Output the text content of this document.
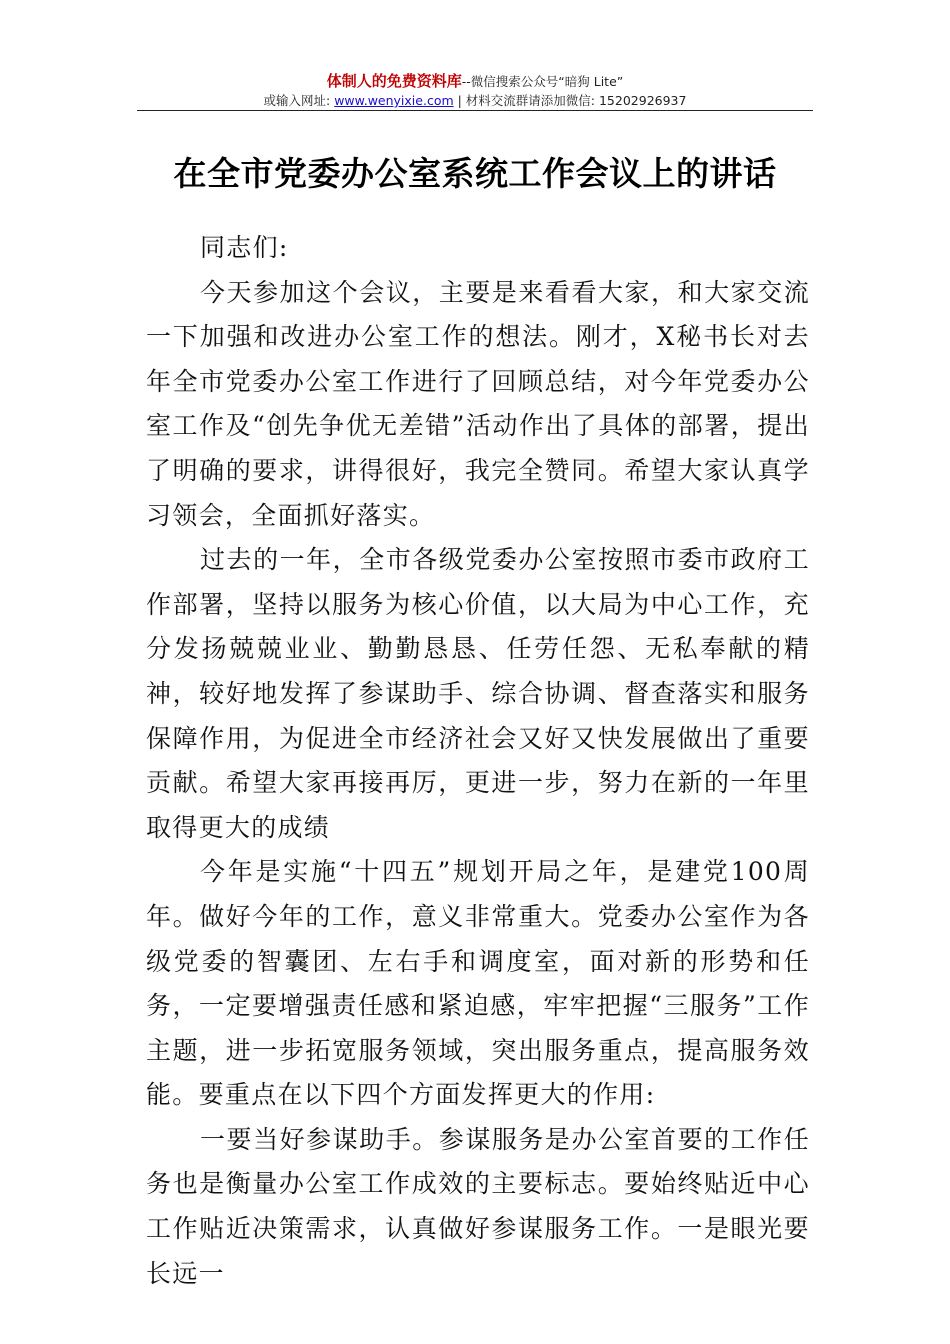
体制人的免费资料库--微信搜索公众号“暗狗 Lite”
或输入网址: www.wenyixie.com | 材料交流群请添加微信: 15202926937
在全市党委办公室系统工作会议上的讲话

同志们:

今天参加这个会议，主要是来看看大家，和大家交流一下加强和改进办公室工作的想法。刚才，X秘书长对去年全市党委办公室工作进行了回顾总结，对今年党委办公室工作及“创先争优无差错”活动作出了具体的部署，提出了明确的要求，讲得很好，我完全赞同。希望大家认真学习领会，全面抓好落实。

过去的一年，全市各级党委办公室按照市委市政府工作部署，坚持以服务为核心价值，以大局为中心工作，充分发扬兢兢业业、勤勤恳恳、任劳任怨、无私奉献的精神，较好地发挥了参谋助手、综合协调、督查落实和服务保障作用，为促进全市经济社会又好又快发展做出了重要贡献。希望大家再接再厉，更进一步，努力在新的一年里取得更大的成绩

今年是实施“十四五”规划开局之年，是建党100周年。做好今年的工作，意义非常重大。党委办公室作为各级党委的智囊团、左右手和调度室，面对新的形势和任务，一定要增强责任感和紧迫感，牢牢把握“三服务”工作主题，进一步拓宽服务领域，突出服务重点，提高服务效能。要重点在以下四个方面发挥更大的作用:

一要当好参谋助手。参谋服务是办公室首要的工作任务也是衡量办公室工作成效的主要标志。要始终贴近中心工作贴近决策需求，认真做好参谋服务工作。一是眼光要长远一
